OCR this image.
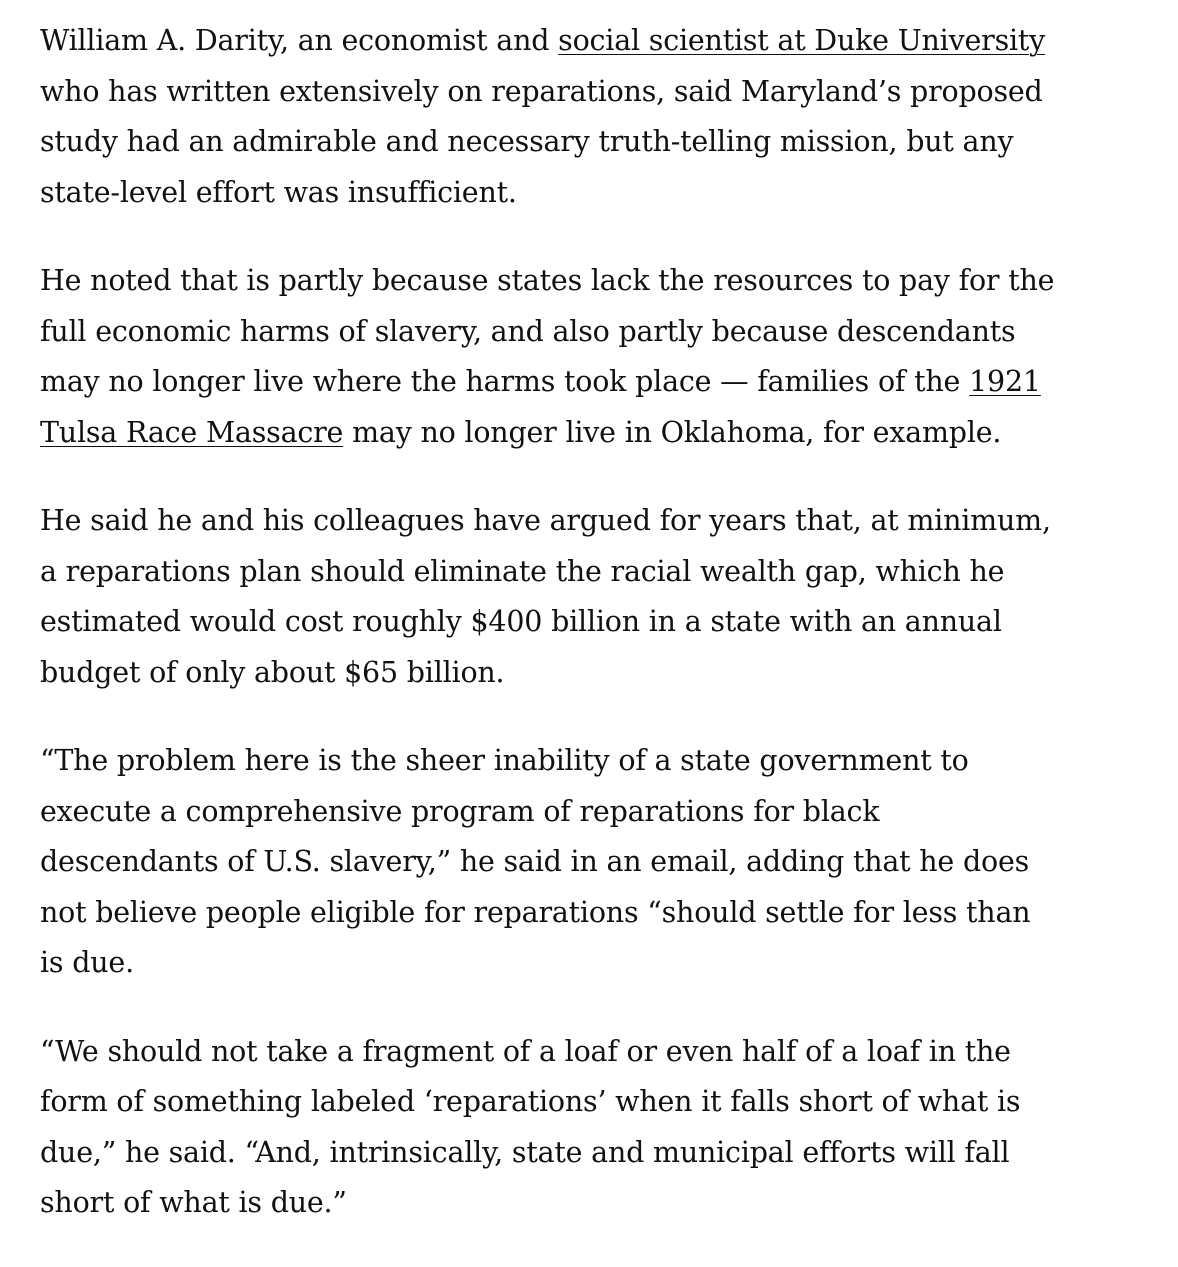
William A. Darity, an economist and social scientist at Duke University who has written extensively on reparations, said Maryland’s proposed study had an admirable and necessary truth-telling mission, but any state-level effort was insufficient.

He noted that is partly because states lack the resources to pay for the full economic harms of slavery, and also partly because descendants may no longer live where the harms took place — families of the 1921 Tulsa Race Massacre may no longer live in Oklahoma, for example.

He said he and his colleagues have argued for years that, at minimum, a reparations plan should eliminate the racial wealth gap, which he estimated would cost roughly $400 billion in a state with an annual budget of only about $65 billion.

“The problem here is the sheer inability of a state government to execute a comprehensive program of reparations for black descendants of U.S. slavery,” he said in an email, adding that he does not believe people eligible for reparations “should settle for less than is due.

“We should not take a fragment of a loaf or even half of a loaf in the form of something labeled ‘reparations’ when it falls short of what is due,” he said. “And, intrinsically, state and municipal efforts will fall short of what is due.”
